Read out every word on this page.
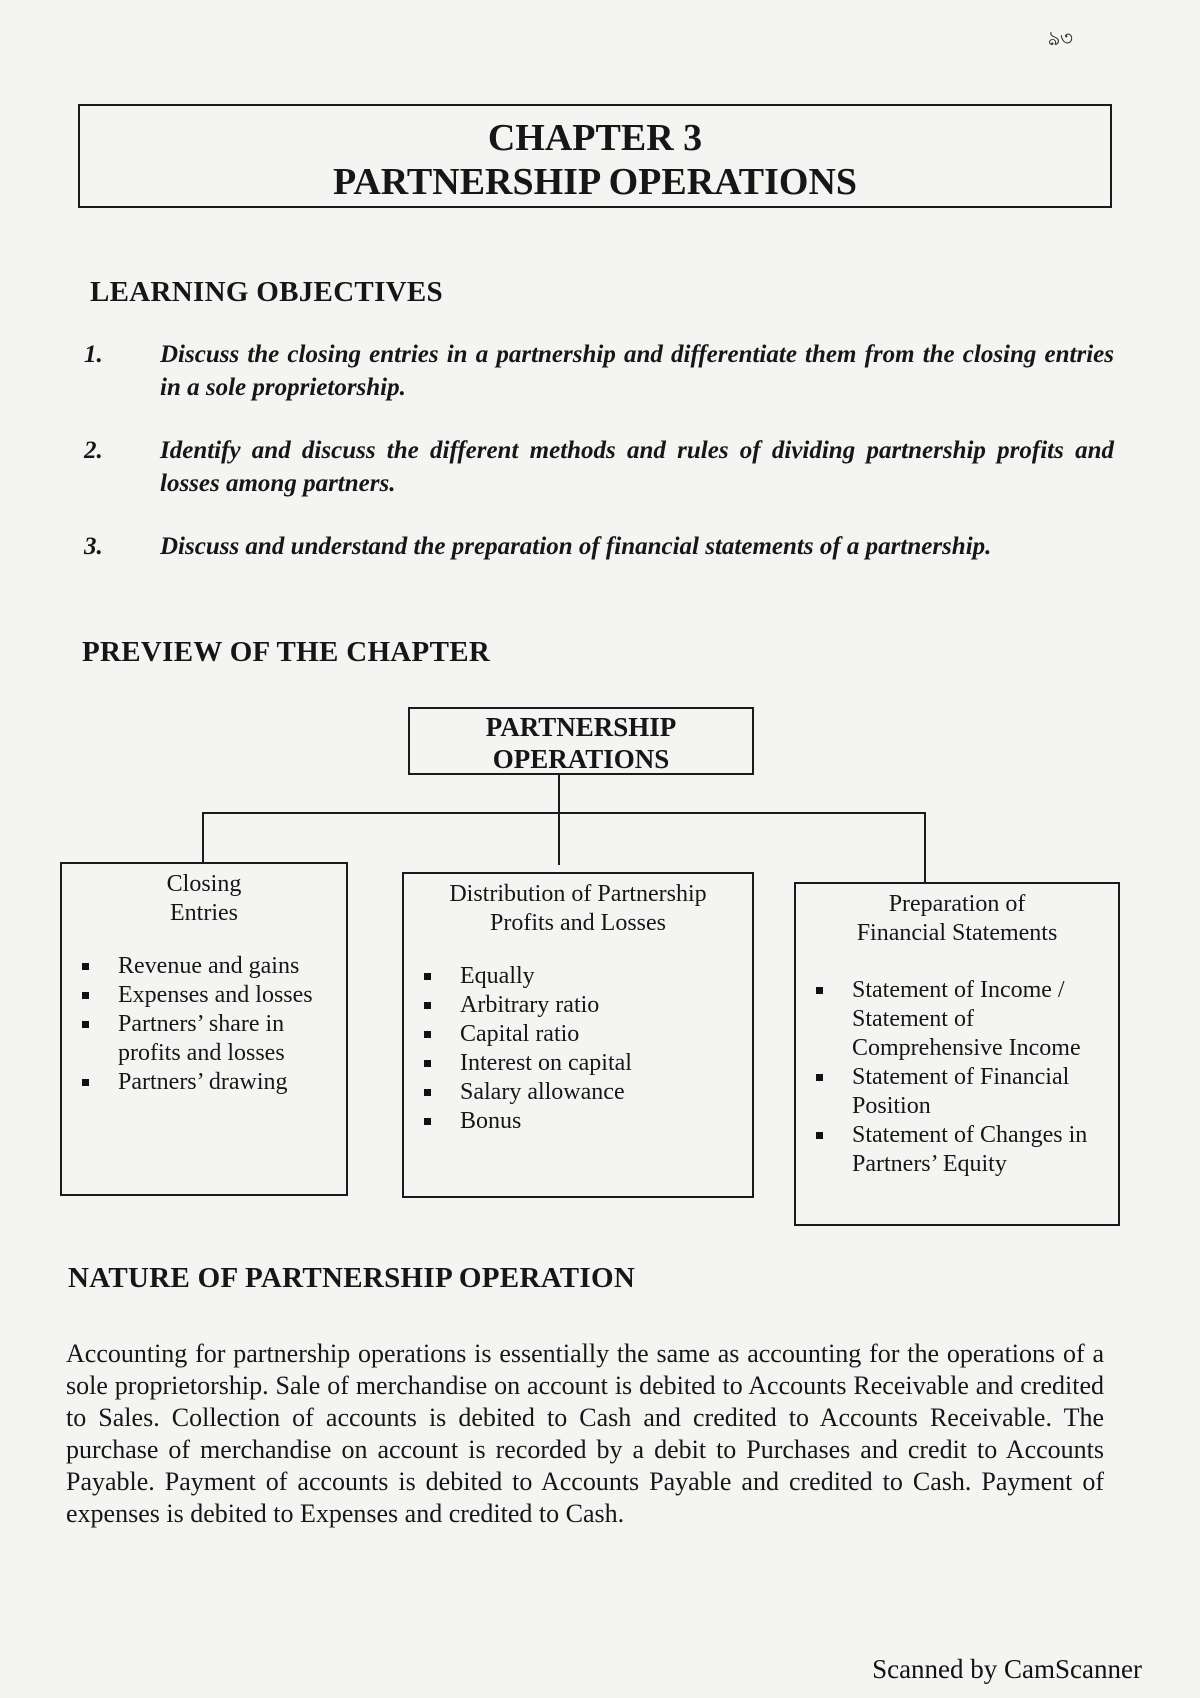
ঌ৩
CHAPTER 3
PARTNERSHIP OPERATIONS
LEARNING OBJECTIVES
1.	Discuss the closing entries in a partnership and differentiate them from the closing entries in a sole proprietorship.
2.	Identify and discuss the different methods and rules of dividing partnership profits and losses among partners.
3.	Discuss and understand the preparation of financial statements of a partnership.
PREVIEW OF THE CHAPTER
PARTNERSHIP
OPERATIONS
Closing
Entries
Revenue and gains
Expenses and losses
Partners’ share in profits and losses
Partners’ drawing
Distribution of Partnership
Profits and Losses
Equally
Arbitrary ratio
Capital ratio
Interest on capital
Salary allowance
Bonus
Preparation of
Financial Statements
Statement of Income / Statement of Comprehensive Income
Statement of Financial Position
Statement of Changes in Partners’ Equity
NATURE OF PARTNERSHIP OPERATION
Accounting for partnership operations is essentially the same as accounting for the operations of a sole proprietorship. Sale of merchandise on account is debited to Accounts Receivable and credited to Sales. Collection of accounts is debited to Cash and credited to Accounts Receivable. The purchase of merchandise on account is recorded by a debit to Purchases and credit to Accounts Payable. Payment of accounts is debited to Accounts Payable and credited to Cash. Payment of expenses is debited to Expenses and credited to Cash.
Scanned by CamScanner
